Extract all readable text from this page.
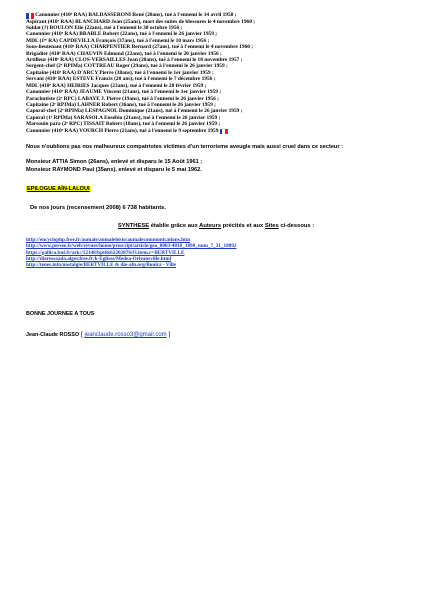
Canonnier (410ᵉ RAA) BALDASSERONI René (20ans), tué à l'ennemi le 14 avril 1958 ;
Aspirant (410ᵉ RAA) BLANCHARD Jean (25ans), mort des suites de blessures le 4 novembre 1960 ;
Soldat (?) BOULON Elie (22ans), tué à l'ennemi le 30 octobre 1956 ;
Canonnier (410ᵉ RAA) BRABLE Robert (22ans), tué à l'ennemi le 26 janvier 1959 ;
MDL (1ᵉʳ RA) CAPDEVILLA François (37ans), tué à l'ennemi le 10 mars 1956 ;
Sous-lieutenant (410ᵉ RAA) CHARPENTIER Bernard (27ans), tué à l'ennemi le 4 novembre 1960 ;
Brigadier (410ᵉ RAA) CHAUVIN Edmond (22ans), tué à l'ennemi le 20 janvier 1956 ;
Artilleur (410ᵉ RAA) CLOS-VERSAILLES Jean (20ans), tué à l'ennemi le 18 novembre 1957 ;
Sergent-chef (2ᵉ RPIMa) COTTREAU Roger (29ans), tué à l'ennemi le 26 janvier 1959 ;
Capitaine (410ᵉ RAA) D'ARCY Pierre (38ans), tué à l'ennemi le 1er janvier 1959 ;
Servant (410ᵉ RAA) ESTEVE Francis (20 ans), tué à l'ennemi le 7 décembre 1956 ;
MDL (410ᵉ RAA) HEIRIES Jacques (23ans), tué à l'ennemi le 28 février 1959 ;
Canonnier (410ᵉ RAA) JEAUME Vincent (21ans), tué à l'ennemi le 1er janvier 1959 ;
Parachutiste (2ᵉ RPC) LABAYE J. Pierre (19ans), tué à l'ennemi le 26 janvier 1956 ;
Capitaine (2ᵉ RPIMa) LAHNER Robert (36ans), tué à l'ennemi le 26 janvier 1959 ;
Caporal-chef (2ᵉ RPIMa) LESPAGNOL Dominique (21ans), tué à l'ennemi le 26 janvier 1959 ;
Caporal (1ᵉ RPIMa) SARASOLA Eusébio (21ans), tué à l'ennemi le 26 janvier 1959 ;
Marsouin para (2ᵉ RPC) TISSAIT Robert (18ans), tué à l'ennemi le 26 janvier 1959 ;
Canonnier (410ᵉ RAA) VOURCH Pierre (21ans), tué à l'ennemi le 9 septembre 1959
Nous n'oublions pas nos malheureux compatriotes victimes d'un terrorisme aveugle mais aussi cruel dans ce secteur :
Monsieur ATTIA Simon (26ans), enlevé et disparu le 15 Août 1961 ;
Monsieur RAYMOND Paul (35ans), enlevé et disparu le 5 mai 1962.
EPILOGUE AÏN-LALOUI
De nos jours (recensement 2008) 6 738 habitants.
SYNTHESE établie grâce aux Auteurs précités et aux Sites ci-dessous :
http://encyclophp.free.fr/aumale/aumalehisto/aumalecommunications.htm
http://www.persee.fr/web/revues/home/prescript/article/geo_0003-4010_1898_num_7_31_18092
https://gallica.bnf.fr/ark:/12148/bpt6k62203876/f3.item.r=BERTVILLE
http://diaressaada.alger.free.fr/k-Eglises/Medea-Orleansville.html
http://tenes.info/nostalgie/BERTVILLE & die-afn.org/Bouira - Ville
BONNE JOURNEE A TOUS
Jean-Claude ROSSO [ jeanclaude.rosso3@gmail.com ]
